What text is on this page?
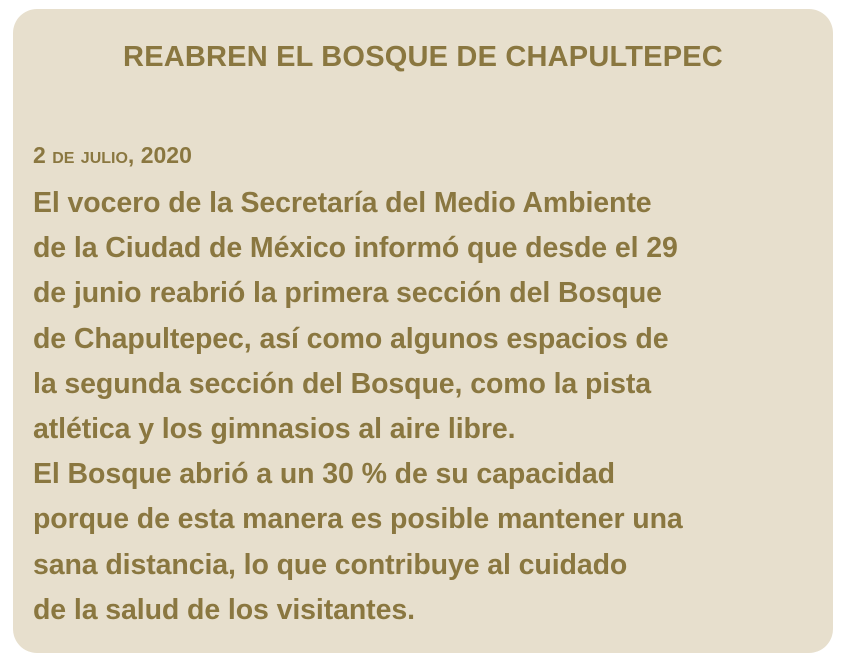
REABREN EL BOSQUE DE CHAPULTEPEC

2 de julio, 2020

El vocero de la Secretaría del Medio Ambiente
de la Ciudad de México informó que desde el 29
de junio reabrió la primera sección del Bosque
de Chapultepec, así como algunos espacios de
la segunda sección del Bosque, como la pista
atlética y los gimnasios al aire libre.
El Bosque abrió a un 30 % de su capacidad
porque de esta manera es posible mantener una
sana distancia, lo que contribuye al cuidado
de la salud de los visitantes.
